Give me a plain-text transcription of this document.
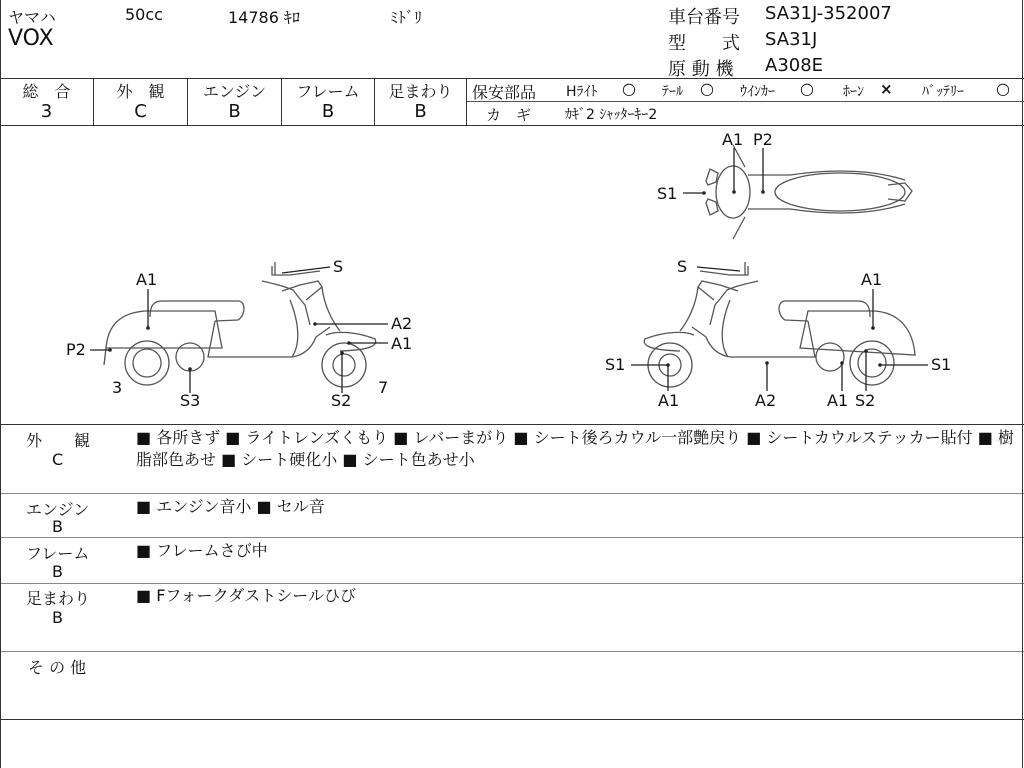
ヤマハ	50cc	14786 ｷﾛ	ﾐﾄﾞﾘ
VOX
車台番号 SA31J-352007
型　　式 SA31J
原 動 機 A308E
総　合
3
外　観
C
エンジン
B
フレーム
B
足まわり
B
保安部品 Hﾗｲﾄ ○ ﾃｰﾙ ○ ｳｲﾝｶｰ ○ ﾎｰﾝ × ﾊﾞｯﾃﾘｰ ○
カ　ギ ｶｷﾞ2 ｼｬｯﾀｰｷｰ2
A1 P2
S1
S
A1
A2
A1
P2
3
S3	S2
7
S
A1
S1
S1
A1	A2	A1 S2
外　　観
C
■ 各所きず ■ ライトレンズくもり ■ レバーまがり ■ シート後ろカウル一部艶戻り ■ シートカウルステッカー貼付 ■ 樹脂部色あせ ■ シート硬化小 ■ シート色あせ小
エンジン
B
■ エンジン音小 ■ セル音
フレーム
B
■ フレームさび中
足まわり
B
■ Fフォークダストシールひび
そ の 他
